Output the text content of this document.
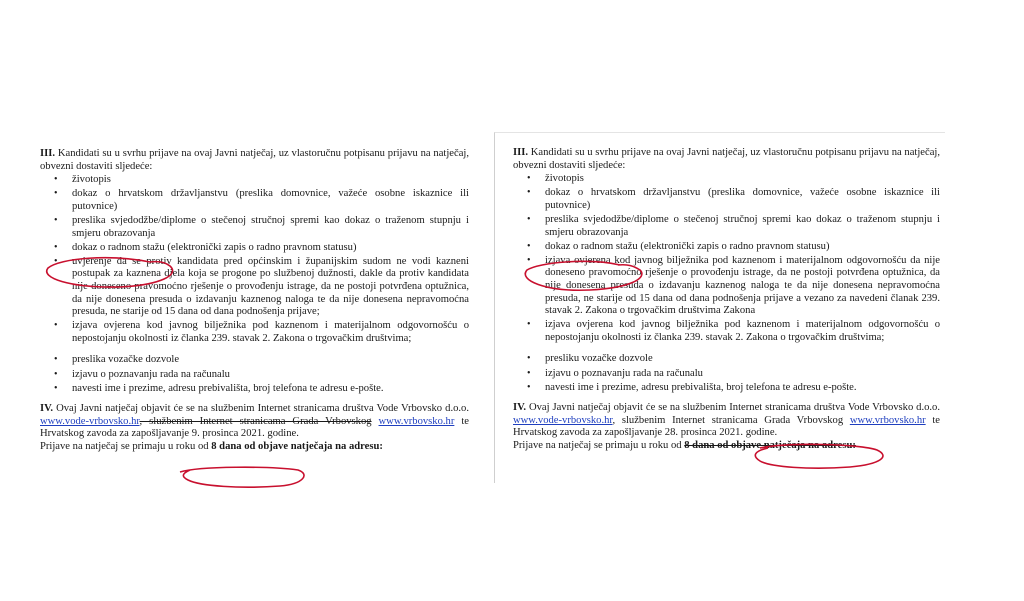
III. Kandidati su u svrhu prijave na ovaj Javni natječaj, uz vlastoručnu potpisanu prijavu na natječaj, obvezni dostaviti sljedeće:

• životopis
• dokaz o hrvatskom državljanstvu (preslika domovnice, važeće osobne iskaznice ili putovnice)
• preslika svjedodžbe/diplome o stečenoj stručnoj spremi kao dokaz o traženom stupnju i smjeru obrazovanja
• dokaz o radnom stažu (elektronički zapis o radno pravnom statusu)
• uvjerenje da se protiv kandidata pred općinskim i županijskim sudom ne vodi kazneni postupak za kaznena djela koja se progone po službenoj dužnosti, dakle da protiv kandidata nije doneseno pravomoćno rješenje o provođenju istrage, da ne postoji potvrđena optužnica, da nije donesena presuda o izdavanju kaznenog naloga te da nije donesena nepravomoćna presuda, ne starije od 15 dana od dana podnošenja prijave;
• izjava ovjerena kod javnog bilježnika pod kaznenom i materijalnom odgovornošću o nepostojanju okolnosti iz članka 239. stavak 2. Zakona o trgovačkim društvima;
• preslika vozačke dozvole
• izjavu o poznavanju rada na računalu
• navesti ime i prezime, adresu prebivališta, broj telefona te adresu e-pošte.

IV. Ovaj Javni natječaj objavit će se na službenim Internet stranicama društva Vode Vrbovsko d.o.o. www.vode-vrbovsko.hr, službenim Internet stranicama Grada Vrbovskog www.vrbovsko.hr te Hrvatskog zavoda za zapošljavanje 9. prosinca 2021. godine.

Prijave na natječaj se primaju u roku od 8 dana od objave natječaja na adresu:

III. Kandidati su u svrhu prijave na ovaj Javni natječaj, uz vlastoručnu potpisanu prijavu na natječaj, obvezni dostaviti sljedeće:

• životopis
• dokaz o hrvatskom državljanstvu (preslika domovnice, važeće osobne iskaznice ili putovnice)
• preslika svjedodžbe/diplome o stečenoj stručnoj spremi kao dokaz o traženom stupnju i smjeru obrazovanja
• dokaz o radnom stažu (elektronički zapis o radno pravnom statusu)
• izjava ovjerena kod javnog bilježnika pod kaznenom i materijalnom odgovornošću da nije doneseno pravomoćno rješenje o provođenju istrage, da ne postoji potvrđena optužnica, da nije donesena presuda o izdavanju kaznenog naloga te da nije donesena nepravomoćna presuda, ne starije od 15 dana od dana podnošenja prijave a vezano za navedeni članak 239. stavak 2. Zakona o trgovačkim društvima Zakona
• izjava ovjerena kod javnog bilježnika pod kaznenom i materijalnom odgovornošću o nepostojanju okolnosti iz članka 239. stavak 2. Zakona o trgovačkim društvima;
• presliku vozačke dozvole
• izjavu o poznavanju rada na računalu
• navesti ime i prezime, adresu prebivališta, broj telefona te adresu e-pošte.

IV. Ovaj Javni natječaj objavit će se na službenim Internet stranicama društva Vode Vrbovsko d.o.o. www.vode-vrbovsko.hr, službenim Internet stranicama Grada Vrbovskog www.vrbovsko.hr te Hrvatskog zavoda za zapošljavanje 28. prosinca 2021. godine.

Prijave na natječaj se primaju u roku od 8 dana od objave natječaja na adresu:
